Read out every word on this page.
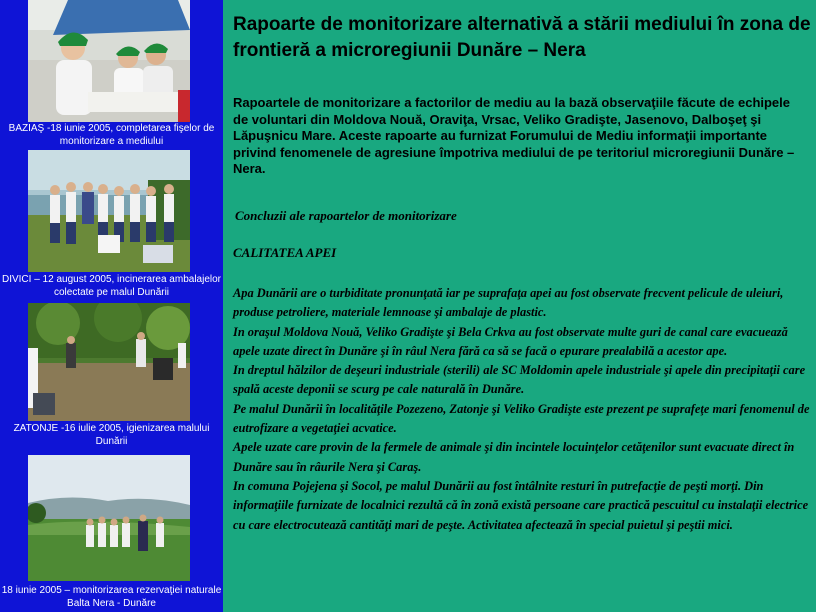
BAZIAŞ -18 iunie 2005, completarea fişelor de monitorizare a mediului
DIVICI – 12 august 2005, incinerarea ambalajelor colectate pe malul Dunării
ZATONJE -16 iulie 2005, igienizarea malului Dunării
18 iunie 2005 – monitorizarea rezervaţiei naturale Balta Nera - Dunăre
Rapoarte de monitorizare alternativă a stării mediului în zona de frontieră a microregiunii Dunăre – Nera

Rapoartele de monitorizare a factorilor de mediu au la bază observaţiile făcute de echipele de voluntari din Moldova Nouă, Oraviţa, Vrsac, Veliko Gradişte, Jasenovo, Dalboşeţ şi Lăpuşnicu Mare. Aceste rapoarte au furnizat Forumului de Mediu informaţii importante privind fenomenele de agresiune împotriva mediului de pe teritoriul microregiunii Dunăre – Nera.

Concluzii ale rapoartelor de monitorizare

CALITATEA APEI

Apa Dunării are o turbiditate pronunţată iar pe suprafaţa apei au fost observate frecvent pelicule de uleiuri, produse petroliere, materiale lemnoase şi ambalaje de plastic.

In oraşul Moldova Nouă, Veliko Gradişte şi Bela Crkva au fost observate multe guri de canal care evacuează apele uzate direct în Dunăre şi în râul Nera fără ca să se facă o epurare prealabilă a acestor ape.

In dreptul hălzilor de deşeuri industriale (sterili) ale SC Moldomin apele industriale şi apele din precipitaţii care spală aceste deponii se scurg pe cale naturală în Dunăre.

Pe malul Dunării în localităţile Pozezeno, Zatonje şi Veliko Gradişte este prezent pe suprafeţe mari fenomenul de eutrofizare a vegetaţiei acvatice.

Apele uzate care provin de la fermele de animale şi din incintele locuinţelor cetăţenilor sunt evacuate direct în Dunăre sau în râurile Nera şi Caraş.

In comuna Pojejena şi Socol, pe malul Dunării au fost întâlnite resturi în putrefacţie de peşti morţi. Din informaţiile furnizate de localnici rezultă că în zonă există persoane care practică pescuitul cu instalaţii electrice cu care electrocutează cantităţi mari de peşte. Activitatea afectează în special puietul şi peştii mici.
